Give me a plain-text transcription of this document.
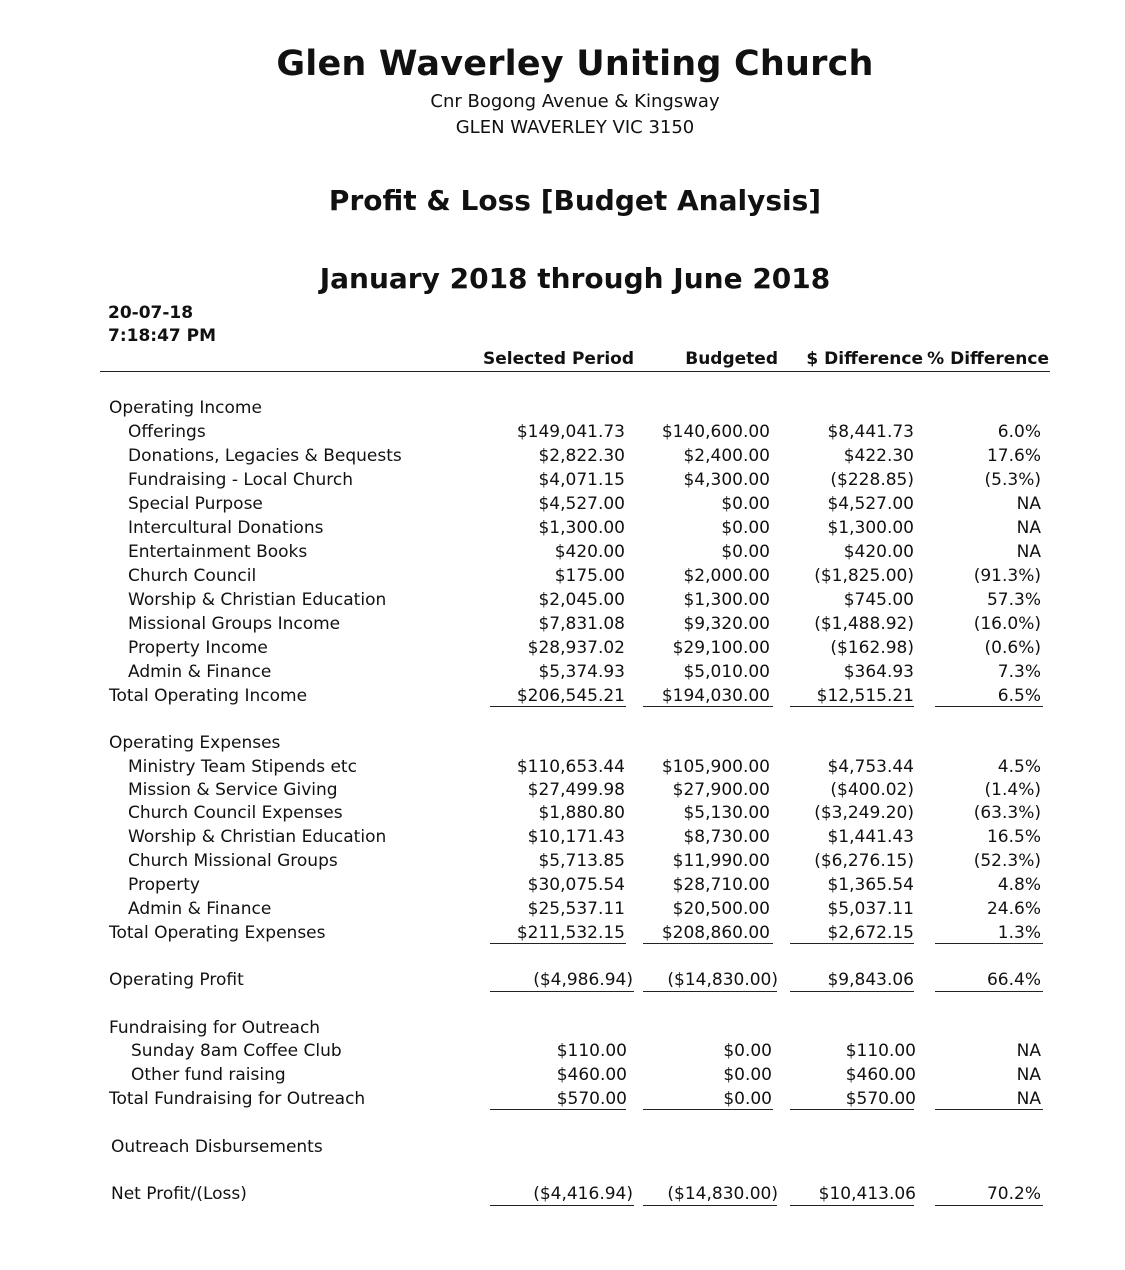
Glen Waverley Uniting Church
Cnr Bogong Avenue & Kingsway
GLEN WAVERLEY VIC 3150
Profit & Loss [Budget Analysis]
January 2018 through June 2018
20-07-18
7:18:47 PM
Selected Period	Budgeted $ Difference % Difference
Operating Income
Offerings	$149,041.73 $140,600.00	$8,441.73	6.0%
Donations, Legacies & Bequests	$2,822.30	$2,400.00	$422.30	17.6%
Fundraising - Local Church	$4,071.15	$4,300.00	($228.85)	(5.3%)
Special Purpose	$4,527.00	$0.00	$4,527.00	NA
Intercultural Donations	$1,300.00	$0.00	$1,300.00	NA
Entertainment Books	$420.00	$0.00	$420.00	NA
Church Council	$175.00	$2,000.00	($1,825.00)	(91.3%)
Worship & Christian Education	$2,045.00	$1,300.00	$745.00	57.3%
Missional Groups Income	$7,831.08	$9,320.00	($1,488.92)	(16.0%)
Property Income	$28,937.02	$29,100.00	($162.98)	(0.6%)
Admin & Finance	$5,374.93	$5,010.00	$364.93	7.3%
Total Operating Income	$206,545.21 $194,030.00	$12,515.21	6.5%
Operating Expenses
Ministry Team Stipends etc	$110,653.44 $105,900.00	$4,753.44	4.5%
Mission & Service Giving	$27,499.98	$27,900.00	($400.02)	(1.4%)
Church Council Expenses	$1,880.80	$5,130.00	($3,249.20)	(63.3%)
Worship & Christian Education	$10,171.43	$8,730.00	$1,441.43	16.5%
Church Missional Groups	$5,713.85	$11,990.00	($6,276.15)	(52.3%)
Property	$30,075.54	$28,710.00	$1,365.54	4.8%
Admin & Finance	$25,537.11	$20,500.00	$5,037.11	24.6%
Total Operating Expenses	$211,532.15 $208,860.00	$2,672.15	1.3%
Operating Profit	($4,986.94) ($14,830.00)	$9,843.06	66.4%
Fundraising for Outreach
Sunday 8am Coffee Club	$110.00	$0.00	$110.00	NA
Other fund raising	$460.00	$0.00	$460.00	NA
Total Fundraising for Outreach	$570.00	$0.00	$570.00	NA
Outreach Disbursements
Net Profit/(Loss)	($4,416.94) ($14,830.00) $10,413.06	70.2%
